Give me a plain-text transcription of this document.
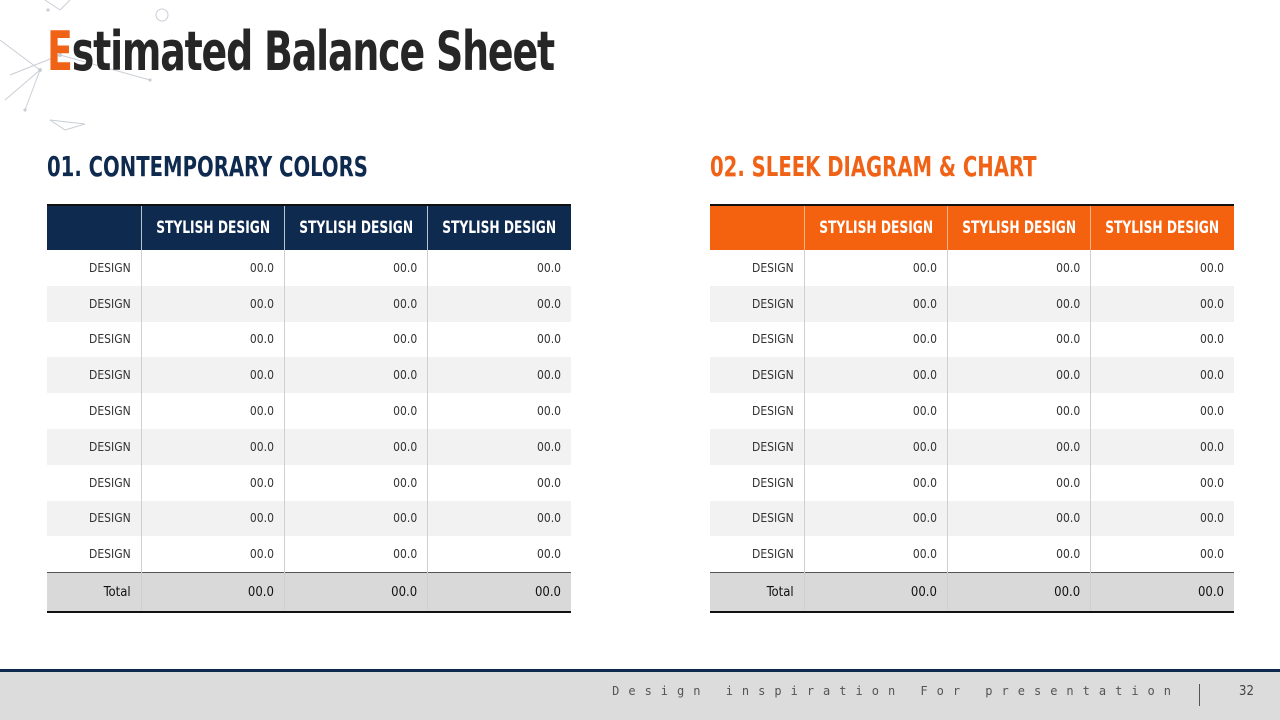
Estimated Balance Sheet
01. CONTEMPORARY COLORS	02. SLEEK DIAGRAM & CHART
	STYLISH DESIGN	STYLISH DESIGN	STYLISH DESIGN
DESIGN	00.0	00.0	00.0
DESIGN	00.0	00.0	00.0
DESIGN	00.0	00.0	00.0
DESIGN	00.0	00.0	00.0
DESIGN	00.0	00.0	00.0
DESIGN	00.0	00.0	00.0
DESIGN	00.0	00.0	00.0
DESIGN	00.0	00.0	00.0
DESIGN	00.0	00.0	00.0
Total	00.0	00.0	00.0
	STYLISH DESIGN	STYLISH DESIGN	STYLISH DESIGN
DESIGN	00.0	00.0	00.0
DESIGN	00.0	00.0	00.0
DESIGN	00.0	00.0	00.0
DESIGN	00.0	00.0	00.0
DESIGN	00.0	00.0	00.0
DESIGN	00.0	00.0	00.0
DESIGN	00.0	00.0	00.0
DESIGN	00.0	00.0	00.0
DESIGN	00.0	00.0	00.0
Total	00.0	00.0	00.0
Design inspiration For presentation	32
